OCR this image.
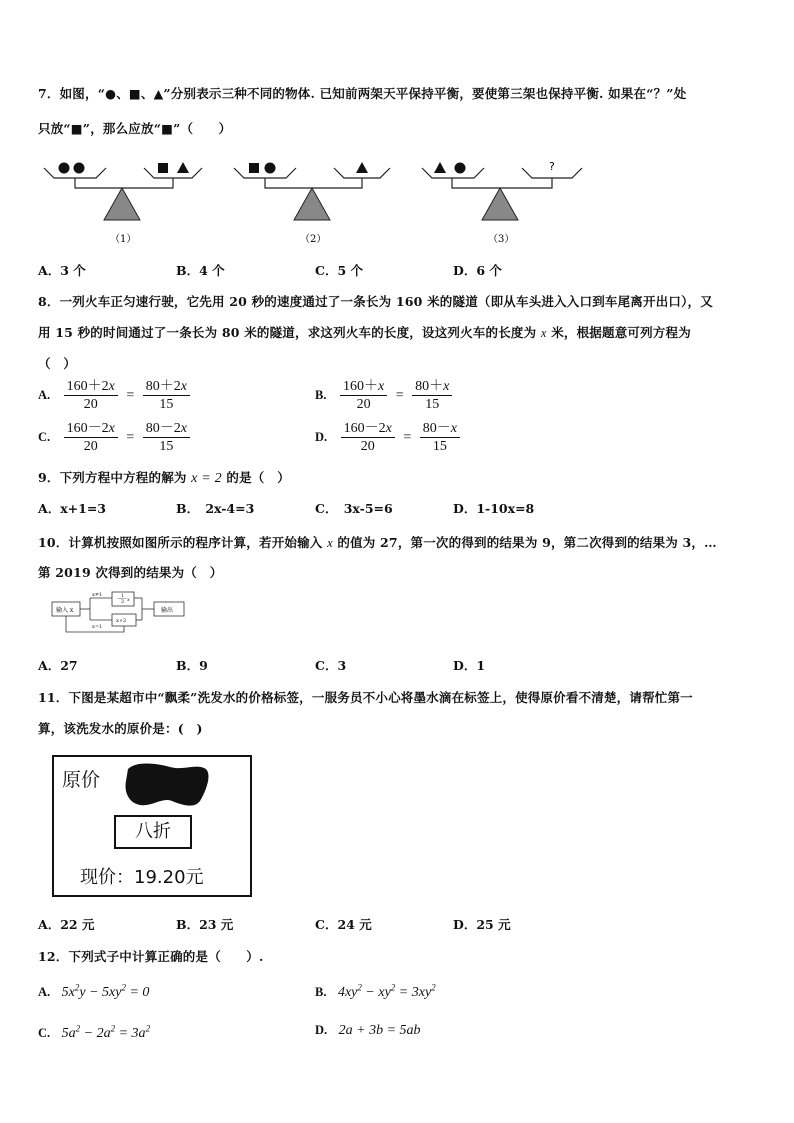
7．如图，“●、■、▲”分别表示三种不同的物体. 已知前两架天平保持平衡，要使第三架也保持平衡. 如果在“？”处
只放“■”，那么应放“■”（　　）
?
（1）	（2）	（3）
A．3 个	B．4 个	C．5 个	D．6 个
8．一列火车正匀速行驶，它先用 20 秒的速度通过了一条长为 160 米的隧道（即从车头进入入口到车尾离开出口），又
用 15 秒的时间通过了一条长为 80 米的隧道，求这列火车的长度，设这列火车的长度为 x 米，根据题意可列方程为
（　）
A. $\frac{160+2x}{20} = \frac{80+2x}{15}$	B. $\frac{160+x}{20} = \frac{80+x}{15}$
C. $\frac{160-2x}{20} = \frac{80-2x}{15}$	D. $\frac{160-2x}{20} = \frac{80-x}{15}$
9．下列方程中方程的解为 x = 2 的是（　）
A．x+1=3	B．　2x-4=3	C．　3x-5=6	D．1-10x=8
10．计算机按照如图所示的程序计算，若开始输入 x 的值为 27，第一次的得到的结果为 9，第二次得到的结果为 3，…
第 2019 次得到的结果为（　）
输入 x
x≠1	1
3 x
输出
x=1
x+2
A．27	B．9	C．3	D．1
11．下图是某超市中“飘柔”洗发水的价格标签，一服务员不小心将墨水滴在标签上，使得原价看不清楚，请帮忙第一
算，该洗发水的原价是：(　)
原价
八折
现价：19.20元
A．22 元	B．23 元	C．24 元	D．25 元
12．下列式子中计算正确的是（　　）.
A. $5x^2y - 5xy^2 = 0$	B. $4xy^2 - xy^2 = 3xy^2$
C. $5a^2 - 2a^2 = 3a^2$	D. 2a + 3b = 5ab
